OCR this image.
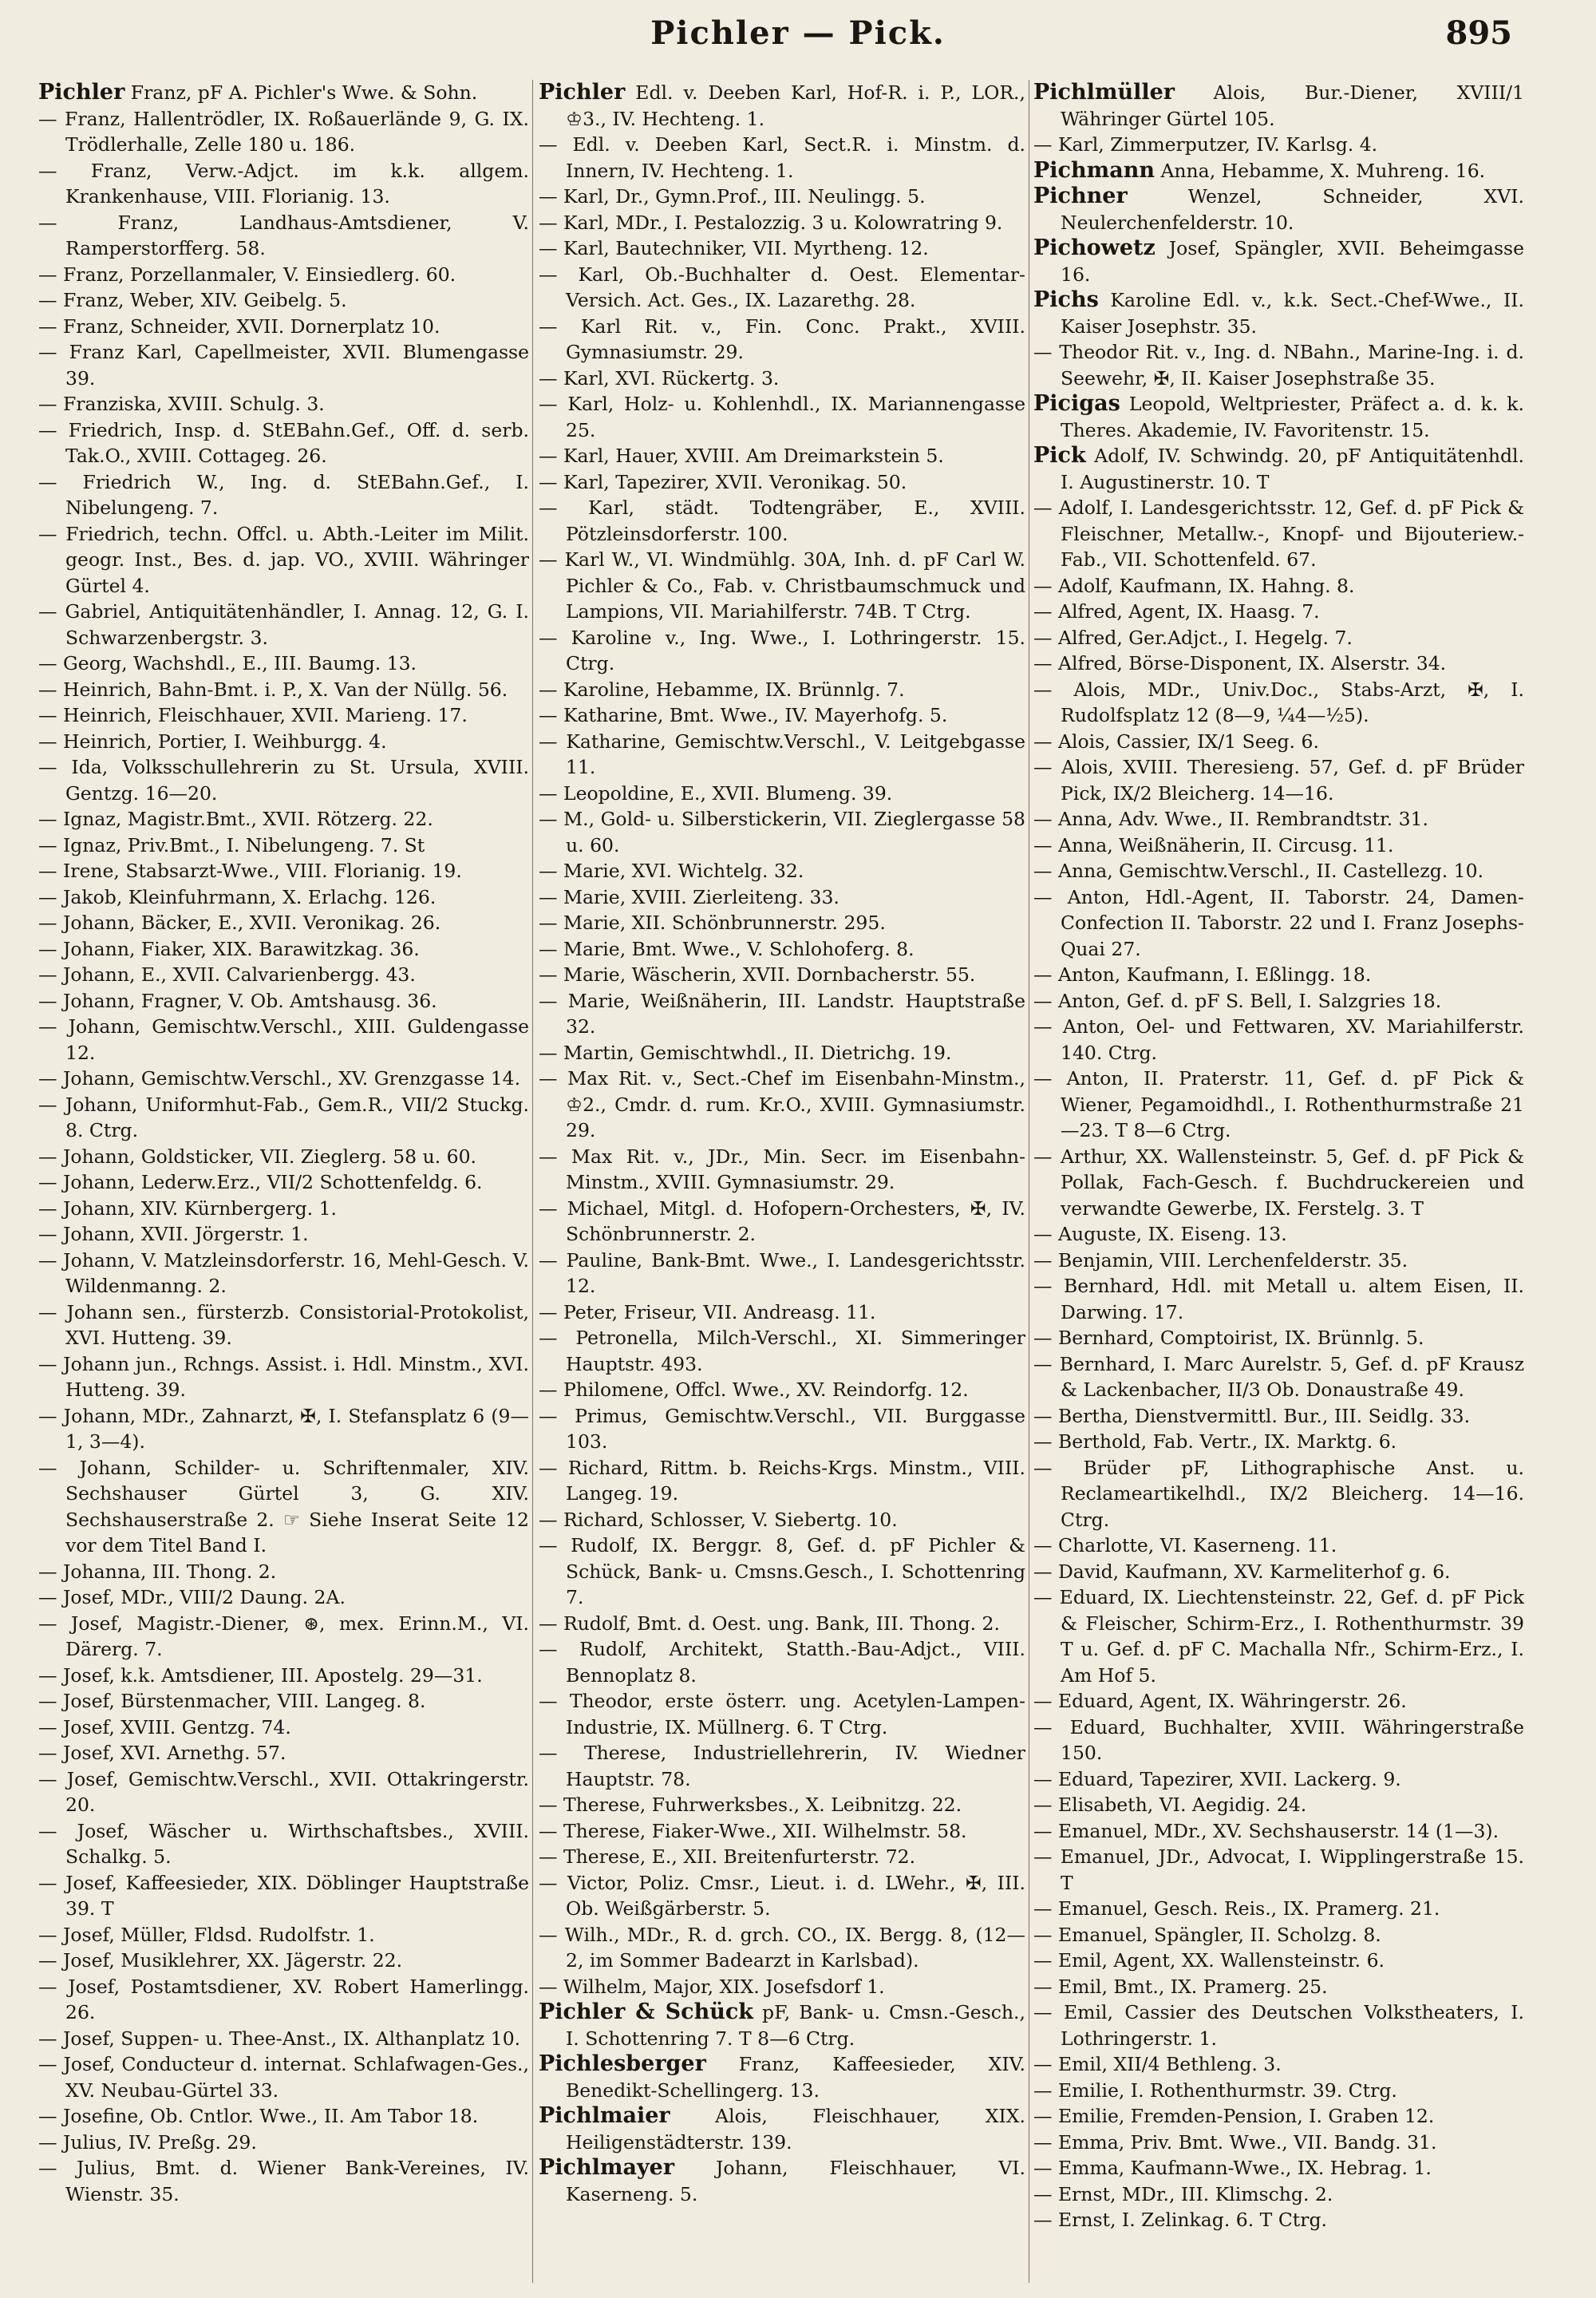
Pichler — Pick.	895

Pichler Franz, pF A. Pichler's Wwe. & Sohn.

— Franz, Hallentrödler, IX. Roßauerlände 9, G. IX. Trödlerhalle, Zelle 180 u. 186.

— Franz, Verw.-Adjct. im k.k. allgem. Krankenhause, VIII. Florianig. 13.

— Franz, Landhaus-Amtsdiener, V. Ramperstorfferg. 58.

— Franz, Porzellanmaler, V. Einsiedlerg. 60.

— Franz, Weber, XIV. Geibelg. 5.

— Franz, Schneider, XVII. Dornerplatz 10.

— Franz Karl, Capellmeister, XVII. Blumengasse 39.

— Franziska, XVIII. Schulg. 3.

— Friedrich, Insp. d. StEBahn.Gef., Off. d. serb. Tak.O., XVIII. Cottageg. 26.

— Friedrich W., Ing. d. StEBahn.Gef., I. Nibelungeng. 7.

— Friedrich, techn. Offcl. u. Abth.-Leiter im Milit. geogr. Inst., Bes. d. jap. VO., XVIII. Währinger Gürtel 4.

— Gabriel, Antiquitätenhändler, I. Annag. 12, G. I. Schwarzenbergstr. 3.

— Georg, Wachshdl., E., III. Baumg. 13.

— Heinrich, Bahn-Bmt. i. P., X. Van der Nüllg. 56.

— Heinrich, Fleischhauer, XVII. Marieng. 17.

— Heinrich, Portier, I. Weihburgg. 4.

— Ida, Volksschullehrerin zu St. Ursula, XVIII. Gentzg. 16—20.

— Ignaz, Magistr.Bmt., XVII. Rötzerg. 22.

— Ignaz, Priv.Bmt., I. Nibelungeng. 7. St

— Irene, Stabsarzt-Wwe., VIII. Florianig. 19.

— Jakob, Kleinfuhrmann, X. Erlachg. 126.

— Johann, Bäcker, E., XVII. Veronikag. 26.

— Johann, Fiaker, XIX. Barawitzkag. 36.

— Johann, E., XVII. Calvarienbergg. 43.

— Johann, Fragner, V. Ob. Amtshausg. 36.

— Johann, Gemischtw.Verschl., XIII. Guldengasse 12.

— Johann, Gemischtw.Verschl., XV. Grenzgasse 14.

— Johann, Uniformhut-Fab., Gem.R., VII/2 Stuckg. 8. Ctrg.

— Johann, Goldsticker, VII. Zieglerg. 58 u. 60.

— Johann, Lederw.Erz., VII/2 Schottenfeldg. 6.

— Johann, XIV. Kürnbergerg. 1.

— Johann, XVII. Jörgerstr. 1.

— Johann, V. Matzleinsdorferstr. 16, Mehl-Gesch. V. Wildenmanng. 2.

— Johann sen., fürsterzb. Consistorial-Protokolist, XVI. Hutteng. 39.

— Johann jun., Rchngs. Assist. i. Hdl. Minstm., XVI. Hutteng. 39.

— Johann, MDr., Zahnarzt, ✠, I. Stefansplatz 6 (9—1, 3—4).

— Johann, Schilder- u. Schriftenmaler, XIV. Sechshauser Gürtel 3, G. XIV. Sechshauserstraße 2. ☞ Siehe Inserat Seite 12 vor dem Titel Band I.

— Johanna, III. Thong. 2.

— Josef, MDr., VIII/2 Daung. 2A.

— Josef, Magistr.-Diener, ⊛, mex. Erinn.M., VI. Därerg. 7.

— Josef, k.k. Amtsdiener, III. Apostelg. 29—31.

— Josef, Bürstenmacher, VIII. Langeg. 8.

— Josef, XVIII. Gentzg. 74.

— Josef, XVI. Arnethg. 57.

— Josef, Gemischtw.Verschl., XVII. Ottakringerstr. 20.

— Josef, Wäscher u. Wirthschaftsbes., XVIII. Schalkg. 5.

— Josef, Kaffeesieder, XIX. Döblinger Hauptstraße 39. T

— Josef, Müller, Fldsd. Rudolfstr. 1.

— Josef, Musiklehrer, XX. Jägerstr. 22.

— Josef, Postamtsdiener, XV. Robert Hamerlingg. 26.

— Josef, Suppen- u. Thee-Anst., IX. Althanplatz 10.

— Josef, Conducteur d. internat. Schlafwagen-Ges., XV. Neubau-Gürtel 33.

— Josefine, Ob. Cntlor. Wwe., II. Am Tabor 18.

— Julius, IV. Preßg. 29.

— Julius, Bmt. d. Wiener Bank-Vereines, IV. Wienstr. 35.

Pichler Edl. v. Deeben Karl, Hof-R. i. P., LOR., ♔3., IV. Hechteng. 1.

— Edl. v. Deeben Karl, Sect.R. i. Minstm. d. Innern, IV. Hechteng. 1.

— Karl, Dr., Gymn.Prof., III. Neulingg. 5.

— Karl, MDr., I. Pestalozzig. 3 u. Kolowratring 9.

— Karl, Bautechniker, VII. Myrtheng. 12.

— Karl, Ob.-Buchhalter d. Oest. Elementar-Versich. Act. Ges., IX. Lazarethg. 28.

— Karl Rit. v., Fin. Conc. Prakt., XVIII. Gymnasiumstr. 29.

— Karl, XVI. Rückertg. 3.

— Karl, Holz- u. Kohlenhdl., IX. Mariannengasse 25.

— Karl, Hauer, XVIII. Am Dreimarkstein 5.

— Karl, Tapezirer, XVII. Veronikag. 50.

— Karl, städt. Todtengräber, E., XVIII. Pötzleinsdorferstr. 100.

— Karl W., VI. Windmühlg. 30A, Inh. d. pF Carl W. Pichler & Co., Fab. v. Christbaumschmuck und Lampions, VII. Mariahilferstr. 74B. T Ctrg.

— Karoline v., Ing. Wwe., I. Lothringerstr. 15. Ctrg.

— Karoline, Hebamme, IX. Brünnlg. 7.

— Katharine, Bmt. Wwe., IV. Mayerhofg. 5.

— Katharine, Gemischtw.Verschl., V. Leitgebgasse 11.

— Leopoldine, E., XVII. Blumeng. 39.

— M., Gold- u. Silberstickerin, VII. Zieglergasse 58 u. 60.

— Marie, XVI. Wichtelg. 32.

— Marie, XVIII. Zierleiteng. 33.

— Marie, XII. Schönbrunnerstr. 295.

— Marie, Bmt. Wwe., V. Schlohoferg. 8.

— Marie, Wäscherin, XVII. Dornbacherstr. 55.

— Marie, Weißnäherin, III. Landstr. Hauptstraße 32.

— Martin, Gemischtwhdl., II. Dietrichg. 19.

— Max Rit. v., Sect.-Chef im Eisenbahn-Minstm., ♔2., Cmdr. d. rum. Kr.O., XVIII. Gymnasiumstr. 29.

— Max Rit. v., JDr., Min. Secr. im Eisenbahn-Minstm., XVIII. Gymnasiumstr. 29.

— Michael, Mitgl. d. Hofopern-Orchesters, ✠, IV. Schönbrunnerstr. 2.

— Pauline, Bank-Bmt. Wwe., I. Landesgerichtsstr. 12.

— Peter, Friseur, VII. Andreasg. 11.

— Petronella, Milch-Verschl., XI. Simmeringer Hauptstr. 493.

— Philomene, Offcl. Wwe., XV. Reindorfg. 12.

— Primus, Gemischtw.Verschl., VII. Burggasse 103.

— Richard, Rittm. b. Reichs-Krgs. Minstm., VIII. Langeg. 19.

— Richard, Schlosser, V. Siebertg. 10.

— Rudolf, IX. Berggr. 8, Gef. d. pF Pichler & Schück, Bank- u. Cmsns.Gesch., I. Schottenring 7.

— Rudolf, Bmt. d. Oest. ung. Bank, III. Thong. 2.

— Rudolf, Architekt, Statth.-Bau-Adjct., VIII. Bennoplatz 8.

— Theodor, erste österr. ung. Acetylen-Lampen-Industrie, IX. Müllnerg. 6. T Ctrg.

— Therese, Industriellehrerin, IV. Wiedner Hauptstr. 78.

— Therese, Fuhrwerksbes., X. Leibnitzg. 22.

— Therese, Fiaker-Wwe., XII. Wilhelmstr. 58.

— Therese, E., XII. Breitenfurterstr. 72.

— Victor, Poliz. Cmsr., Lieut. i. d. LWehr., ✠, III. Ob. Weißgärberstr. 5.

— Wilh., MDr., R. d. grch. CO., IX. Bergg. 8, (12—2, im Sommer Badearzt in Karlsbad).

— Wilhelm, Major, XIX. Josefsdorf 1.

Pichler & Schück pF, Bank- u. Cmsn.-Gesch., I. Schottenring 7. T 8—6 Ctrg.

Pichlesberger Franz, Kaffeesieder, XIV. Benedikt-Schellingerg. 13.

Pichlmaier Alois, Fleischhauer, XIX. Heiligenstädterstr. 139.

Pichlmayer Johann, Fleischhauer, VI. Kaserneng. 5.

Pichlmüller Alois, Bur.-Diener, XVIII/1 Währinger Gürtel 105.

— Karl, Zimmerputzer, IV. Karlsg. 4.

Pichmann Anna, Hebamme, X. Muhreng. 16.

Pichner Wenzel, Schneider, XVI. Neulerchenfelderstr. 10.

Pichowetz Josef, Spängler, XVII. Beheimgasse 16.

Pichs Karoline Edl. v., k.k. Sect.-Chef-Wwe., II. Kaiser Josephstr. 35.

— Theodor Rit. v., Ing. d. NBahn., Marine-Ing. i. d. Seewehr, ✠, II. Kaiser Josephstraße 35.

Picigas Leopold, Weltpriester, Präfect a. d. k. k. Theres. Akademie, IV. Favoritenstr. 15.

Pick Adolf, IV. Schwindg. 20, pF Antiquitätenhdl. I. Augustinerstr. 10. T

— Adolf, I. Landesgerichtsstr. 12, Gef. d. pF Pick & Fleischner, Metallw.-, Knopf- und Bijouteriew.-Fab., VII. Schottenfeld. 67.

— Adolf, Kaufmann, IX. Hahng. 8.

— Alfred, Agent, IX. Haasg. 7.

— Alfred, Ger.Adjct., I. Hegelg. 7.

— Alfred, Börse-Disponent, IX. Alserstr. 34.

— Alois, MDr., Univ.Doc., Stabs-Arzt, ✠, I. Rudolfsplatz 12 (8—9, ¼4—½5).

— Alois, Cassier, IX/1 Seeg. 6.

— Alois, XVIII. Theresieng. 57, Gef. d. pF Brüder Pick, IX/2 Bleicherg. 14—16.

— Anna, Adv. Wwe., II. Rembrandtstr. 31.

— Anna, Weißnäherin, II. Circusg. 11.

— Anna, Gemischtw.Verschl., II. Castellezg. 10.

— Anton, Hdl.-Agent, II. Taborstr. 24, Damen-Confection II. Taborstr. 22 und I. Franz Josephs-Quai 27.

— Anton, Kaufmann, I. Eßlingg. 18.

— Anton, Gef. d. pF S. Bell, I. Salzgries 18.

— Anton, Oel- und Fettwaren, XV. Mariahilferstr. 140. Ctrg.

— Anton, II. Praterstr. 11, Gef. d. pF Pick & Wiener, Pegamoidhdl., I. Rothenthurmstraße 21—23. T 8—6 Ctrg.

— Arthur, XX. Wallensteinstr. 5, Gef. d. pF Pick & Pollak, Fach-Gesch. f. Buchdruckereien und verwandte Gewerbe, IX. Ferstelg. 3. T

— Auguste, IX. Eiseng. 13.

— Benjamin, VIII. Lerchenfelderstr. 35.

— Bernhard, Hdl. mit Metall u. altem Eisen, II. Darwing. 17.

— Bernhard, Comptoirist, IX. Brünnlg. 5.

— Bernhard, I. Marc Aurelstr. 5, Gef. d. pF Krausz & Lackenbacher, II/3 Ob. Donaustraße 49.

— Bertha, Dienstvermittl. Bur., III. Seidlg. 33.

— Berthold, Fab. Vertr., IX. Marktg. 6.

— Brüder pF, Lithographische Anst. u. Reclameartikelhdl., IX/2 Bleicherg. 14—16. Ctrg.

— Charlotte, VI. Kaserneng. 11.

— David, Kaufmann, XV. Karmeliterhof g. 6.

— Eduard, IX. Liechtensteinstr. 22, Gef. d. pF Pick & Fleischer, Schirm-Erz., I. Rothenthurmstr. 39 T u. Gef. d. pF C. Machalla Nfr., Schirm-Erz., I. Am Hof 5.

— Eduard, Agent, IX. Währingerstr. 26.

— Eduard, Buchhalter, XVIII. Währingerstraße 150.

— Eduard, Tapezirer, XVII. Lackerg. 9.

— Elisabeth, VI. Aegidig. 24.

— Emanuel, MDr., XV. Sechshauserstr. 14 (1—3).

— Emanuel, JDr., Advocat, I. Wipplingerstraße 15. T

— Emanuel, Gesch. Reis., IX. Pramerg. 21.

— Emanuel, Spängler, II. Scholzg. 8.

— Emil, Agent, XX. Wallensteinstr. 6.

— Emil, Bmt., IX. Pramerg. 25.

— Emil, Cassier des Deutschen Volkstheaters, I. Lothringerstr. 1.

— Emil, XII/4 Bethleng. 3.

— Emilie, I. Rothenthurmstr. 39. Ctrg.

— Emilie, Fremden-Pension, I. Graben 12.

— Emma, Priv. Bmt. Wwe., VII. Bandg. 31.

— Emma, Kaufmann-Wwe., IX. Hebrag. 1.

— Ernst, MDr., III. Klimschg. 2.

— Ernst, I. Zelinkag. 6. T Ctrg.
